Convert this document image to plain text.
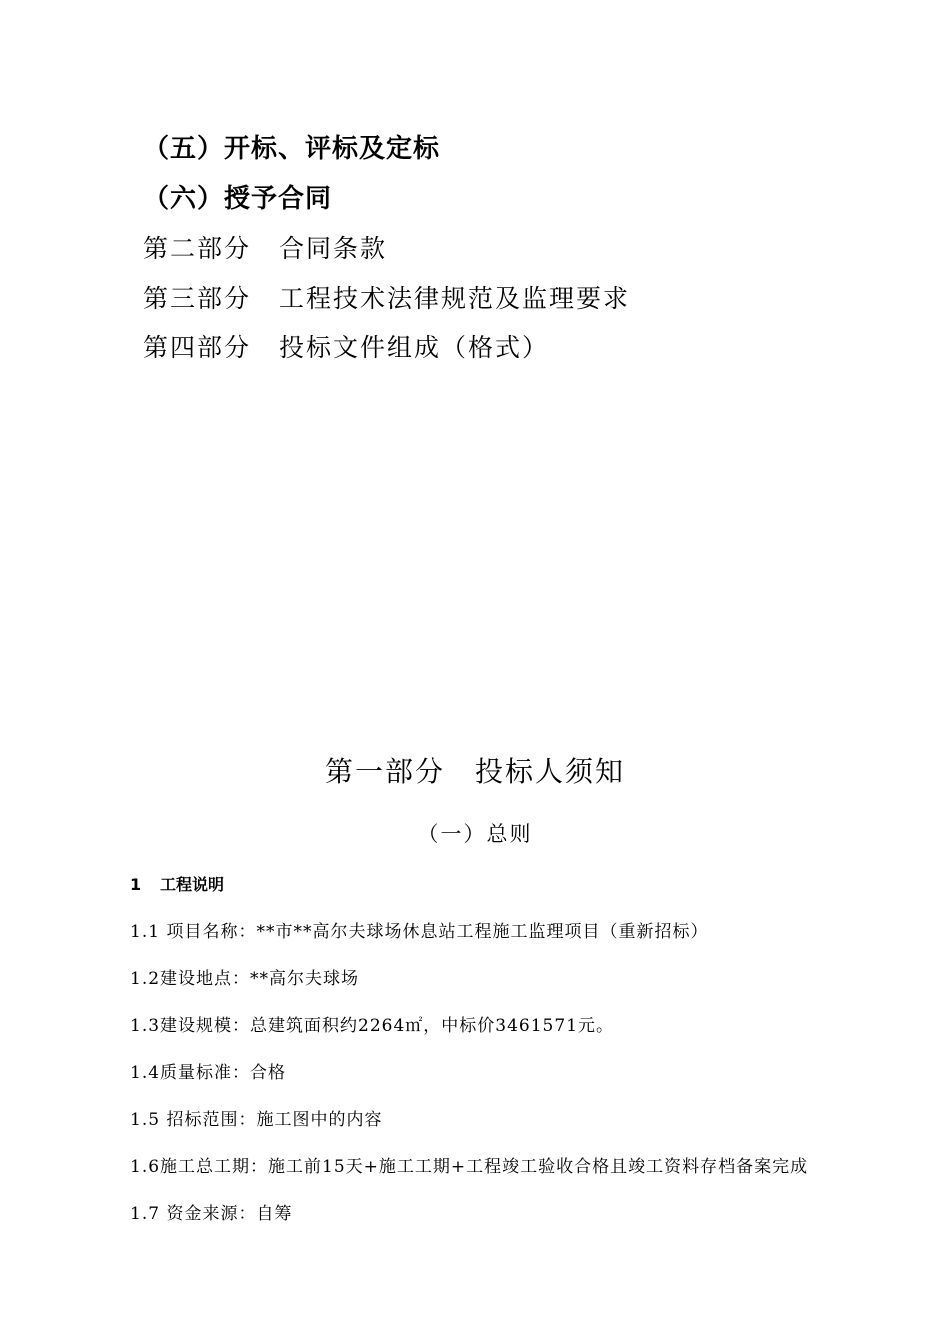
（五）开标、评标及定标
（六）授予合同
第二部分 合同条款
第三部分 工程技术法律规范及监理要求
第四部分 投标文件组成（格式）
第一部分 投标人须知
（一）总则
1 工程说明
1.1 项目名称：**市**高尔夫球场休息站工程施工监理项目（重新招标）
1.2建设地点：**高尔夫球场
1.3建设规模：总建筑面积约2264㎡，中标价3461571元。
1.4质量标准：合格
1.5 招标范围：施工图中的内容
1.6施工总工期：施工前15天+施工工期+工程竣工验收合格且竣工资料存档备案完成
1.7 资金来源：自筹
